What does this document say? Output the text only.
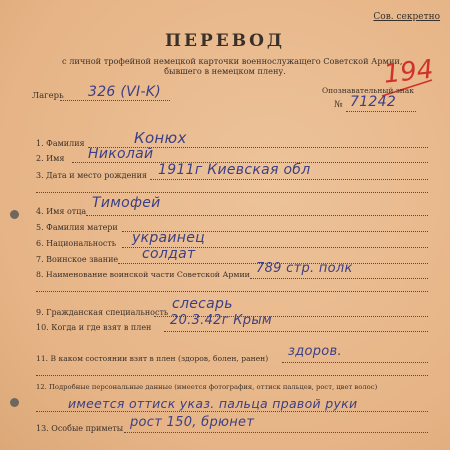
Сов. секретно
ПЕРЕВОД
с личной трофейной немецкой карточки военнослужащего Советской Армии,
бывшего в немецком плену.	194
Лагерь 326 (VI-K)	Опознавательный знак
№ 71242
1. Фамилия	Конюх
2. Имя Николай
3. Дата и место рождения 1911г Киевская обл
4. Имя отца
Тимофей
5. Фамилия матери
6. Национальность украинец
7. Воинское звание солдат
8. Наименование воинской части Советской Армии 789 стр. полк
9. Гражданская специальность
слесарь
10. Когда и где взят в плен 20.3.42г Крым
11. В каком состоянии взят в плен (здоров, болен, ранен) здоров.
12. Подробные персональные данные (имеется фотография, оттиск пальцев, рост, цвет волос)
имеется оттиск указ. пальца правой руки
13. Особые приметы рост 150, брюнет
